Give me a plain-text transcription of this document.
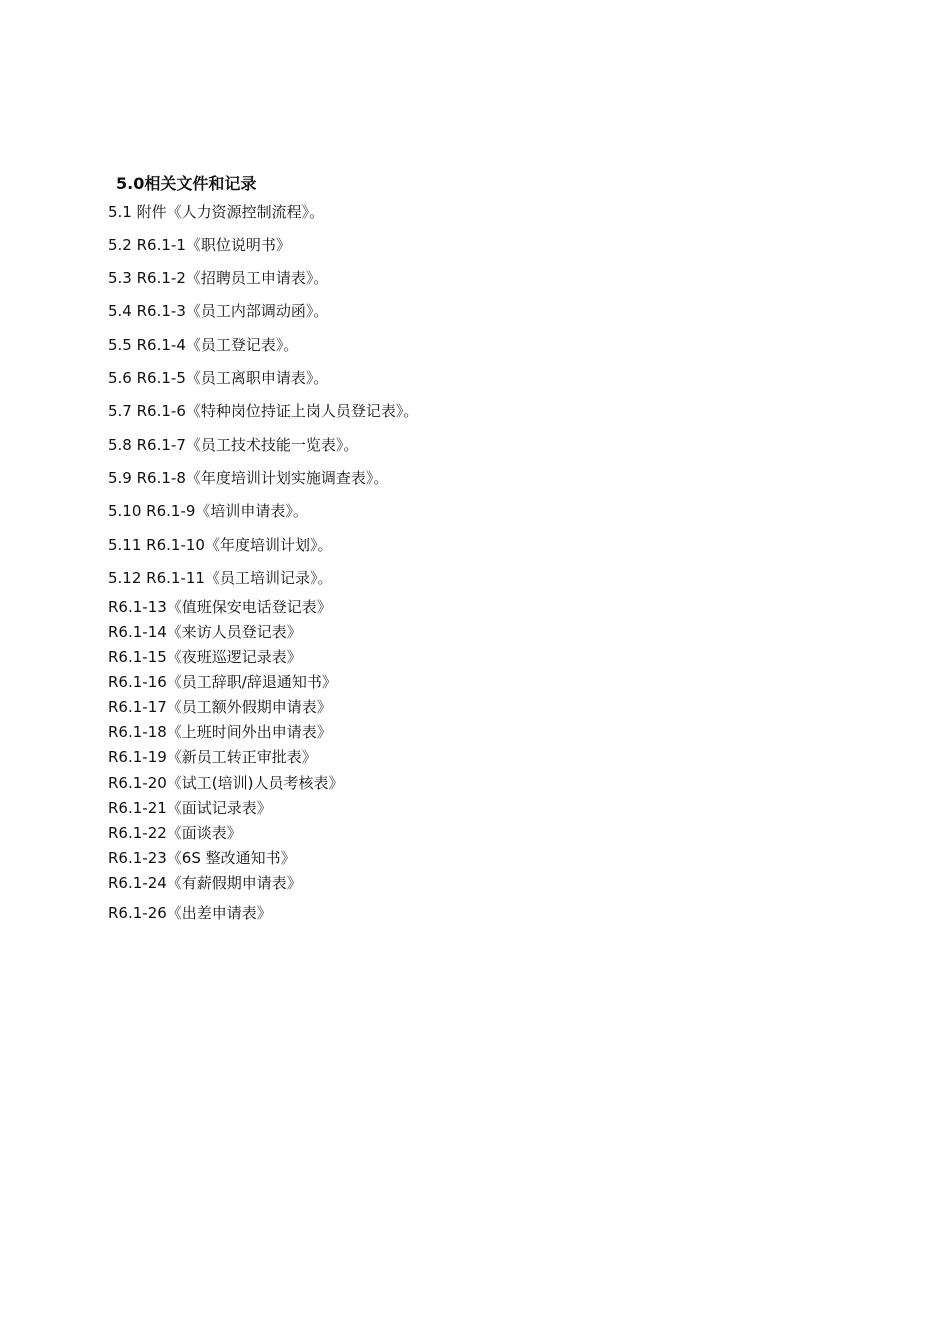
5.0相关文件和记录
5.1 附件《人力资源控制流程》。
5.2 R6.1-1《职位说明书》
5.3 R6.1-2《招聘员工申请表》。
5.4 R6.1-3《员工内部调动函》。
5.5 R6.1-4《员工登记表》。
5.6 R6.1-5《员工离职申请表》。
5.7 R6.1-6《特种岗位持证上岗人员登记表》。
5.8 R6.1-7《员工技术技能一览表》。
5.9 R6.1-8《年度培训计划实施调查表》。
5.10 R6.1-9《培训申请表》。
5.11 R6.1-10《年度培训计划》。
5.12 R6.1-11《员工培训记录》。
R6.1-13《值班保安电话登记表》
R6.1-14《来访人员登记表》
R6.1-15《夜班巡逻记录表》
R6.1-16《员工辞职/辞退通知书》
R6.1-17《员工额外假期申请表》
R6.1-18《上班时间外出申请表》
R6.1-19《新员工转正审批表》
R6.1-20《试工(培训)人员考核表》
R6.1-21《面试记录表》
R6.1-22《面谈表》
R6.1-23《6S 整改通知书》
R6.1-24《有薪假期申请表》
R6.1-26《出差申请表》
